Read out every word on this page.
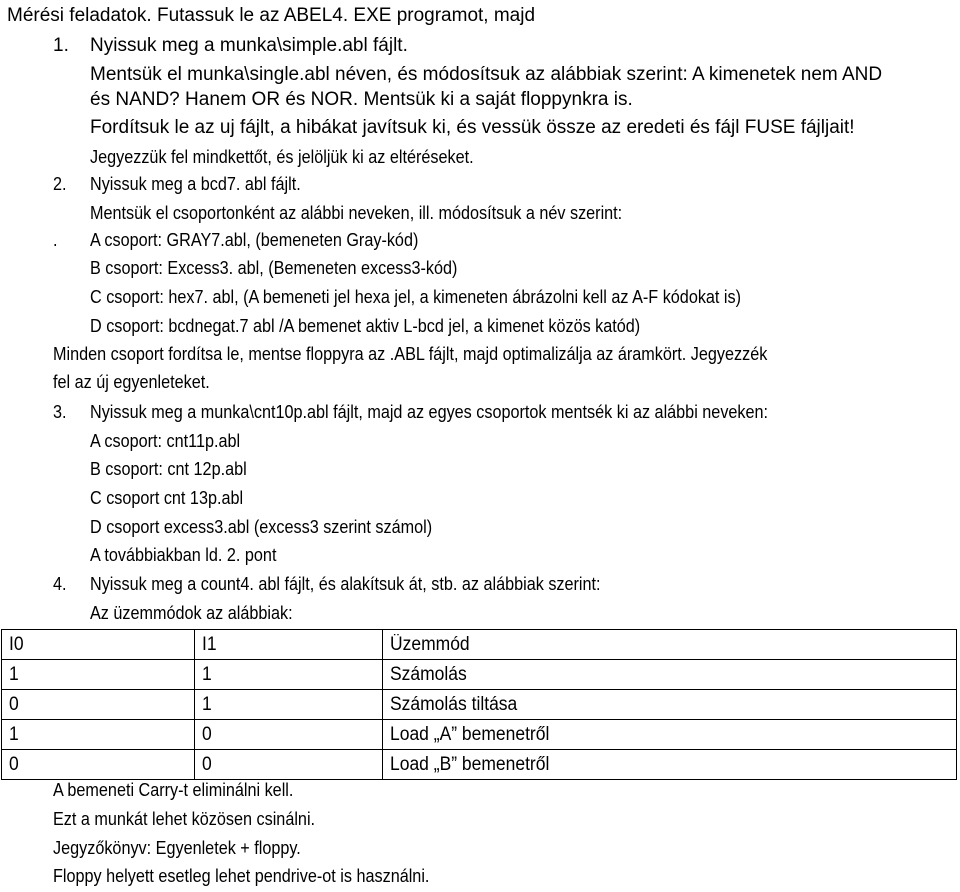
Mérési feladatok. Futassuk le az ABEL4. EXE programot, majd
1. Nyissuk meg a munka\simple.abl fájlt.
Mentsük el munka\single.abl néven, és módosítsuk az alábbiak szerint: A kimenetek nem AND
és NAND? Hanem OR és NOR. Mentsük ki a saját floppynkra is.
Fordítsuk le az uj fájlt, a hibákat javítsuk ki, és vessük össze az eredeti és fájl FUSE fájljait!
Jegyezzük fel mindkettőt, és jelöljük ki az eltéréseket.
2. Nyissuk meg a bcd7. abl fájlt.
Mentsük el csoportonként az alábbi neveken, ill. módosítsuk a név szerint:
. A csoport: GRAY7.abl, (bemeneten Gray-kód)
B csoport: Excess3. abl, (Bemeneten excess3-kód)
C csoport: hex7. abl, (A bemeneti jel hexa jel, a kimeneten ábrázolni kell az A-F kódokat is)
D csoport: bcdnegat.7 abl /A bemenet aktiv L-bcd jel, a kimenet közös katód)
Minden csoport fordítsa le, mentse floppyra az .ABL fájlt, majd optimalizálja az áramkört. Jegyezzék
fel az új egyenleteket.
3. Nyissuk meg a munka\cnt10p.abl fájlt, majd az egyes csoportok mentsék ki az alábbi neveken:
A csoport: cnt11p.abl
B csoport: cnt 12p.abl
C csoport cnt 13p.abl
D csoport excess3.abl (excess3 szerint számol)
A továbbiakban ld. 2. pont
4. Nyissuk meg a count4. abl fájlt, és alakítsuk át, stb. az alábbiak szerint:
Az üzemmódok az alábbiak:
I0	I1	Üzemmód
1	1	Számolás
0	1	Számolás tiltása
1	0	Load „A” bemenetről
0	0	Load „B” bemenetről
A bemeneti Carry-t eliminálni kell.
Ezt a munkát lehet közösen csinálni.
Jegyzőkönyv: Egyenletek + floppy.
Floppy helyett esetleg lehet pendrive-ot is használni.
